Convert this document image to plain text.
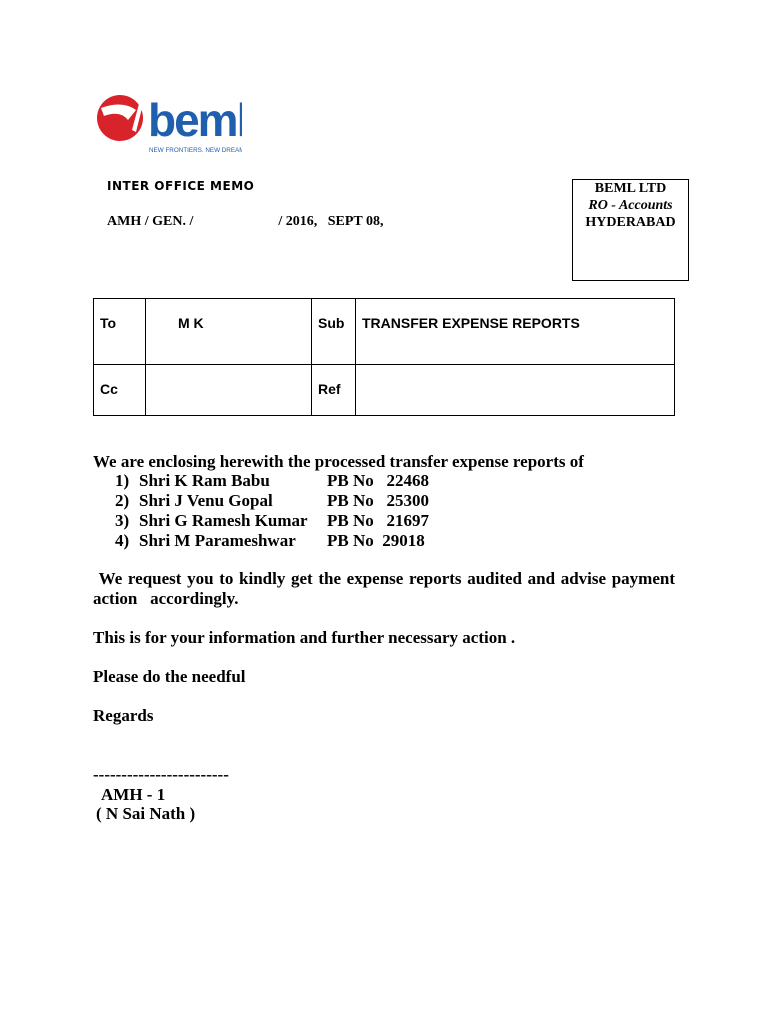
beml
NEW FRONTIERS. NEW DREAMS
INTER OFFICE MEMO
AMH / GEN. /	/ 2016,   SEPT 08,
BEML LTD
RO - Accounts
HYDERABAD
To	M K	Sub	TRANSFER EXPENSE REPORTS
Cc		Ref	
We are enclosing herewith the processed transfer expense reports of
1) Shri K Ram Babu	PB No   22468
2) Shri J Venu Gopal	PB No   25300
3) Shri G Ramesh Kumar PB No   21697
4) Shri M Parameshwar PB No  29018
We request you to kindly get the expense reports audited and advise payment action   accordingly.
This is for your information and further necessary action .
Please do the needful
Regards
------------------------
AMH - 1
( N Sai Nath )
